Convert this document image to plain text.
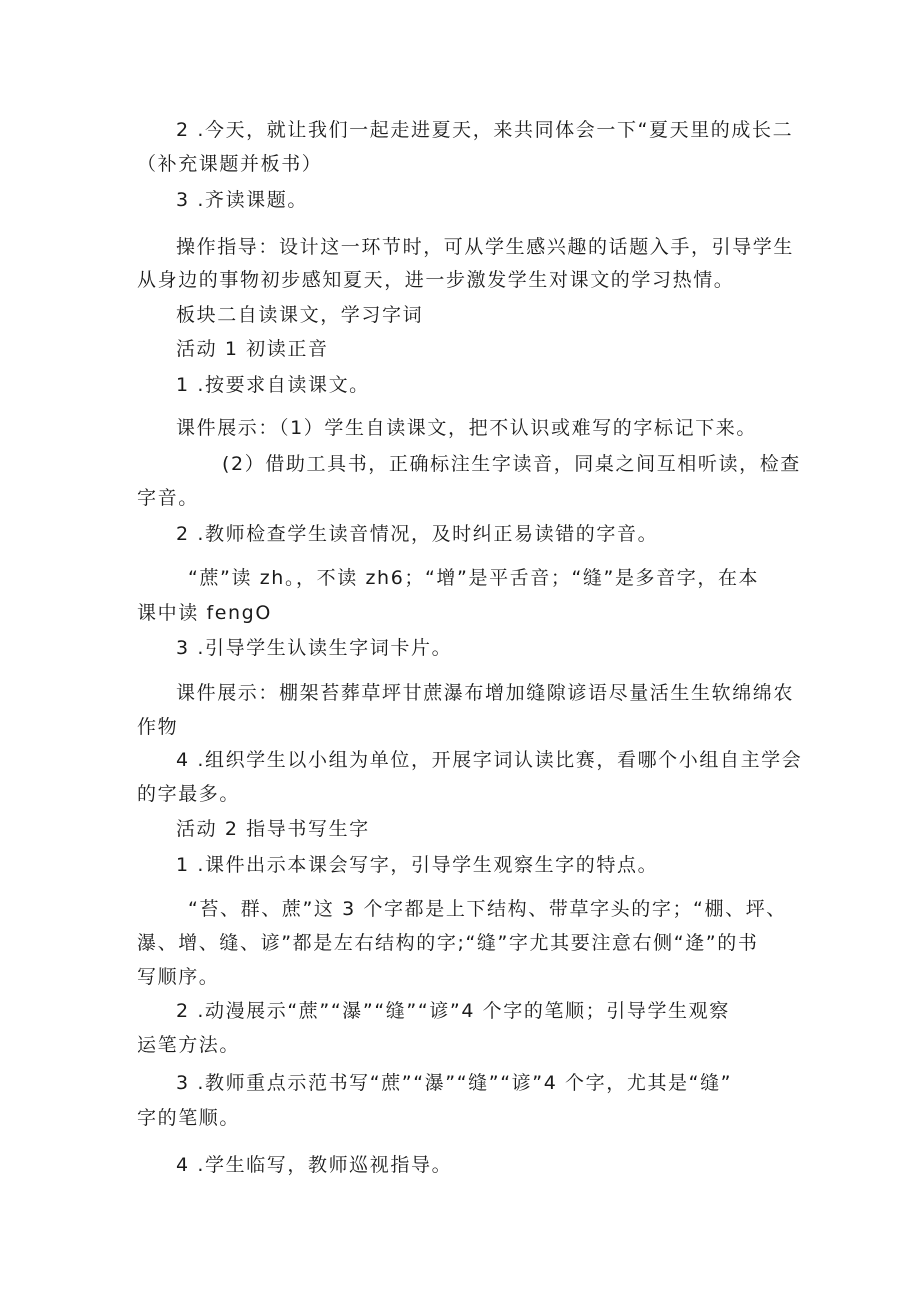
2 .今天，就让我们一起走进夏天，来共同体会一下“夏天里的成长二

（补充课题并板书）

3 .齐读课题。

操作指导：设计这一环节时，可从学生感兴趣的话题入手，引导学生

从身边的事物初步感知夏天，进一步激发学生对课文的学习热情。

板块二自读课文，学习字词

活动 1 初读正音

1 .按要求自读课文。

课件展示：（1）学生自读课文，把不认识或难写的字标记下来。

(2）借助工具书，正确标注生字读音，同桌之间互相听读，检查

字音。

2 .教师检查学生读音情况，及时纠正易读错的字音。

“蔗”读 zh。，不读 zh6；“增”是平舌音；“缝”是多音字，在本

课中读 fengO

3 .引导学生认读生字词卡片。

课件展示：棚架苔葬草坪甘蔗瀑布增加缝隙谚语尽量活生生软绵绵农

作物

4 .组织学生以小组为单位，开展字词认读比赛，看哪个小组自主学会

的字最多。

活动 2 指导书写生字

1 .课件出示本课会写字，引导学生观察生字的特点。

“苔、群、蔗”这 3 个字都是上下结构、带草字头的字；“棚、坪、

瀑、增、缝、谚”都是左右结构的字;“缝”字尤其要注意右侧“逄”的书

写顺序。

2 .动漫展示“蔗”“瀑”“缝”“谚”4 个字的笔顺；引导学生观察

运笔方法。

3 .教师重点示范书写“蔗”“瀑”“缝”“谚”4 个字，尤其是“缝”

字的笔顺。

4 .学生临写，教师巡视指导。
